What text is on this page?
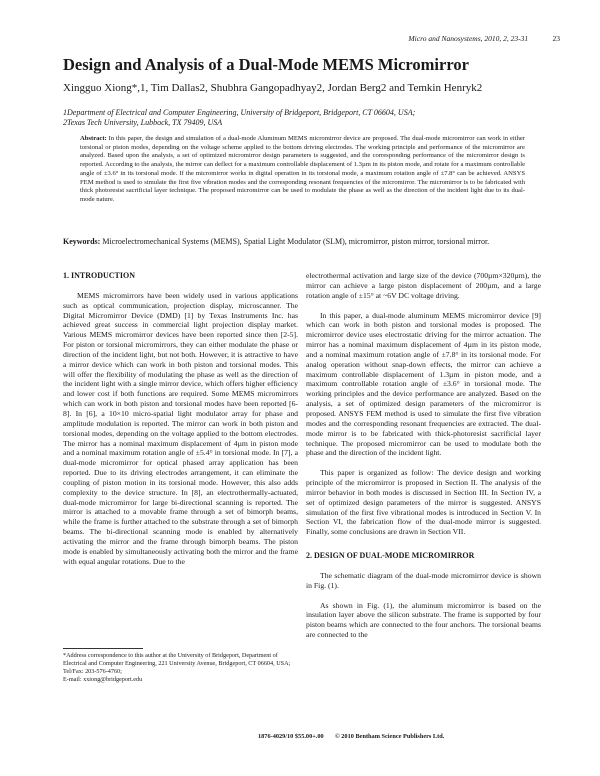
Micro and Nanosystems, 2010, 2, 23-31	23
Design and Analysis of a Dual-Mode MEMS Micromirror
Xingguo Xiong*,1, Tim Dallas2, Shubhra Gangopadhyay2, Jordan Berg2 and Temkin Henryk2
1Department of Electrical and Computer Engineering, University of Bridgeport, Bridgeport, CT 06604, USA;
2Texas Tech University, Lubbock, TX 79409, USA
Abstract: In this paper, the design and simulation of a dual-mode Aluminum MEMS micromirror device are proposed. The dual-mode micromirror can work in either torsional or piston modes, depending on the voltage scheme applied to the bottom driving electrodes. The working principle and performance of the micromirror are analyzed. Based upon the analysis, a set of optimized micromirror design parameters is suggested, and the corresponding performance of the micromirror design is reported. According to the analysis, the mirror can deflect for a maximum controllable displacement of 1.3µm in its piston mode, and rotate for a maximum controllable angle of ±3.6° in its torsional mode. If the micromirror works in digital operation in its torsional mode, a maximum rotation angle of ±7.8° can be achieved. ANSYS FEM method is used to simulate the first five vibration modes and the corresponding resonant frequencies of the micromirror. The micromirror is to be fabricated with thick photoresist sacrificial layer technique. The proposed micromirror can be used to modulate the phase as well as the direction of the incident light due to its dual-mode nature.
Keywords: Microelectromechanical Systems (MEMS), Spatial Light Modulator (SLM), micromirror, piston mirror, torsional mirror.
1. INTRODUCTION

MEMS micromirrors have been widely used in various applications such as optical communication, projection display, microscanner. The Digital Micromirror Device (DMD) [1] by Texas Instruments Inc. has achieved great success in commercial light projection display market. Various MEMS micromirror devices have been reported since then [2-5]. For piston or torsional micromirrors, they can either modulate the phase or direction of the incident light, but not both. However, it is attractive to have a mirror device which can work in both piston and torsional modes. This will offer the flexibility of modulating the phase as well as the direction of the incident light with a single mirror device, which offers higher efficiency and lower cost if both functions are required. Some MEMS micromirrors which can work in both piston and torsional modes have been reported [6-8]. In [6], a 10×10 micro-spatial light modulator array for phase and amplitude modulation is reported. The mirror can work in both piston and torsional modes, depending on the voltage applied to the bottom electrodes. The mirror has a nominal maximum displacement of 4µm in piston mode and a nominal maximum rotation angle of ±5.4° in torsional mode. In [7], a dual-mode micromirror for optical phased array application has been reported. Due to its driving electrodes arrangement, it can eliminate the coupling of piston motion in its torsional mode. However, this also adds complexity to the device structure. In [8], an electrothermally-actuated, dual-mode micromirror for large bi-directional scanning is reported. The mirror is attached to a movable frame through a set of bimorph beams, while the frame is further attached to the substrate through a set of bimorph beams. The bi-directional scanning mode is enabled by alternatively activating the mirror and the frame through bimorph beams. The piston mode is enabled by simultaneously activating both the mirror and the frame with equal angular rotations. Due to the

electrothermal activation and large size of the device (700µm×320µm), the mirror can achieve a large piston displacement of 200µm, and a large rotation angle of ±15° at ~6V DC voltage driving.

In this paper, a dual-mode aluminum MEMS micromirror device [9] which can work in both piston and torsional modes is proposed. The micromirror device uses electrostatic driving for the mirror actuation. The mirror has a nominal maximum displacement of 4µm in its piston mode, and a nominal maximum rotation angle of ±7.8° in its torsional mode. For analog operation without snap-down effects, the mirror can achieve a maximum controllable displacement of 1.3µm in piston mode, and a maximum controllable rotation angle of ±3.6° in torsional mode. The working principles and the device performance are analyzed. Based on the analysis, a set of optimized design parameters of the micromirror is proposed. ANSYS FEM method is used to simulate the first five vibration modes and the corresponding resonant frequencies are extracted. The dual-mode mirror is to be fabricated with thick-photoresist sacrificial layer technique. The proposed micromirror can be used to modulate both the phase and the direction of the incident light.

This paper is organized as follow: The device design and working principle of the micromirror is proposed in Section II. The analysis of the mirror behavior in both modes is discussed in Section III. In Section IV, a set of optimized design parameters of the mirror is suggested. ANSYS simulation of the first five vibrational modes is introduced in Section V. In Section VI, the fabrication flow of the dual-mode mirror is suggested. Finally, some conclusions are drawn in Section VII.

2. DESIGN OF DUAL-MODE MICROMIRROR

The schematic diagram of the dual-mode micromirror device is shown in Fig. (1).

As shown in Fig. (1), the aluminum micromirror is based on the insulation layer above the silicon substrate. The frame is supported by four piston beams which are connected to the four anchors. The torsional beams are connected to the

*Address correspondence to this author at the University of Bridgeport, Department of Electrical and Computer Engineering, 221 University Avenue, Bridgeport, CT 06604, USA; Tel/Fax: 203-576-4760;
E-mail: xxiong@bridgeport.edu
1876-4029/10 $55.00+.00 © 2010 Bentham Science Publishers Ltd.
